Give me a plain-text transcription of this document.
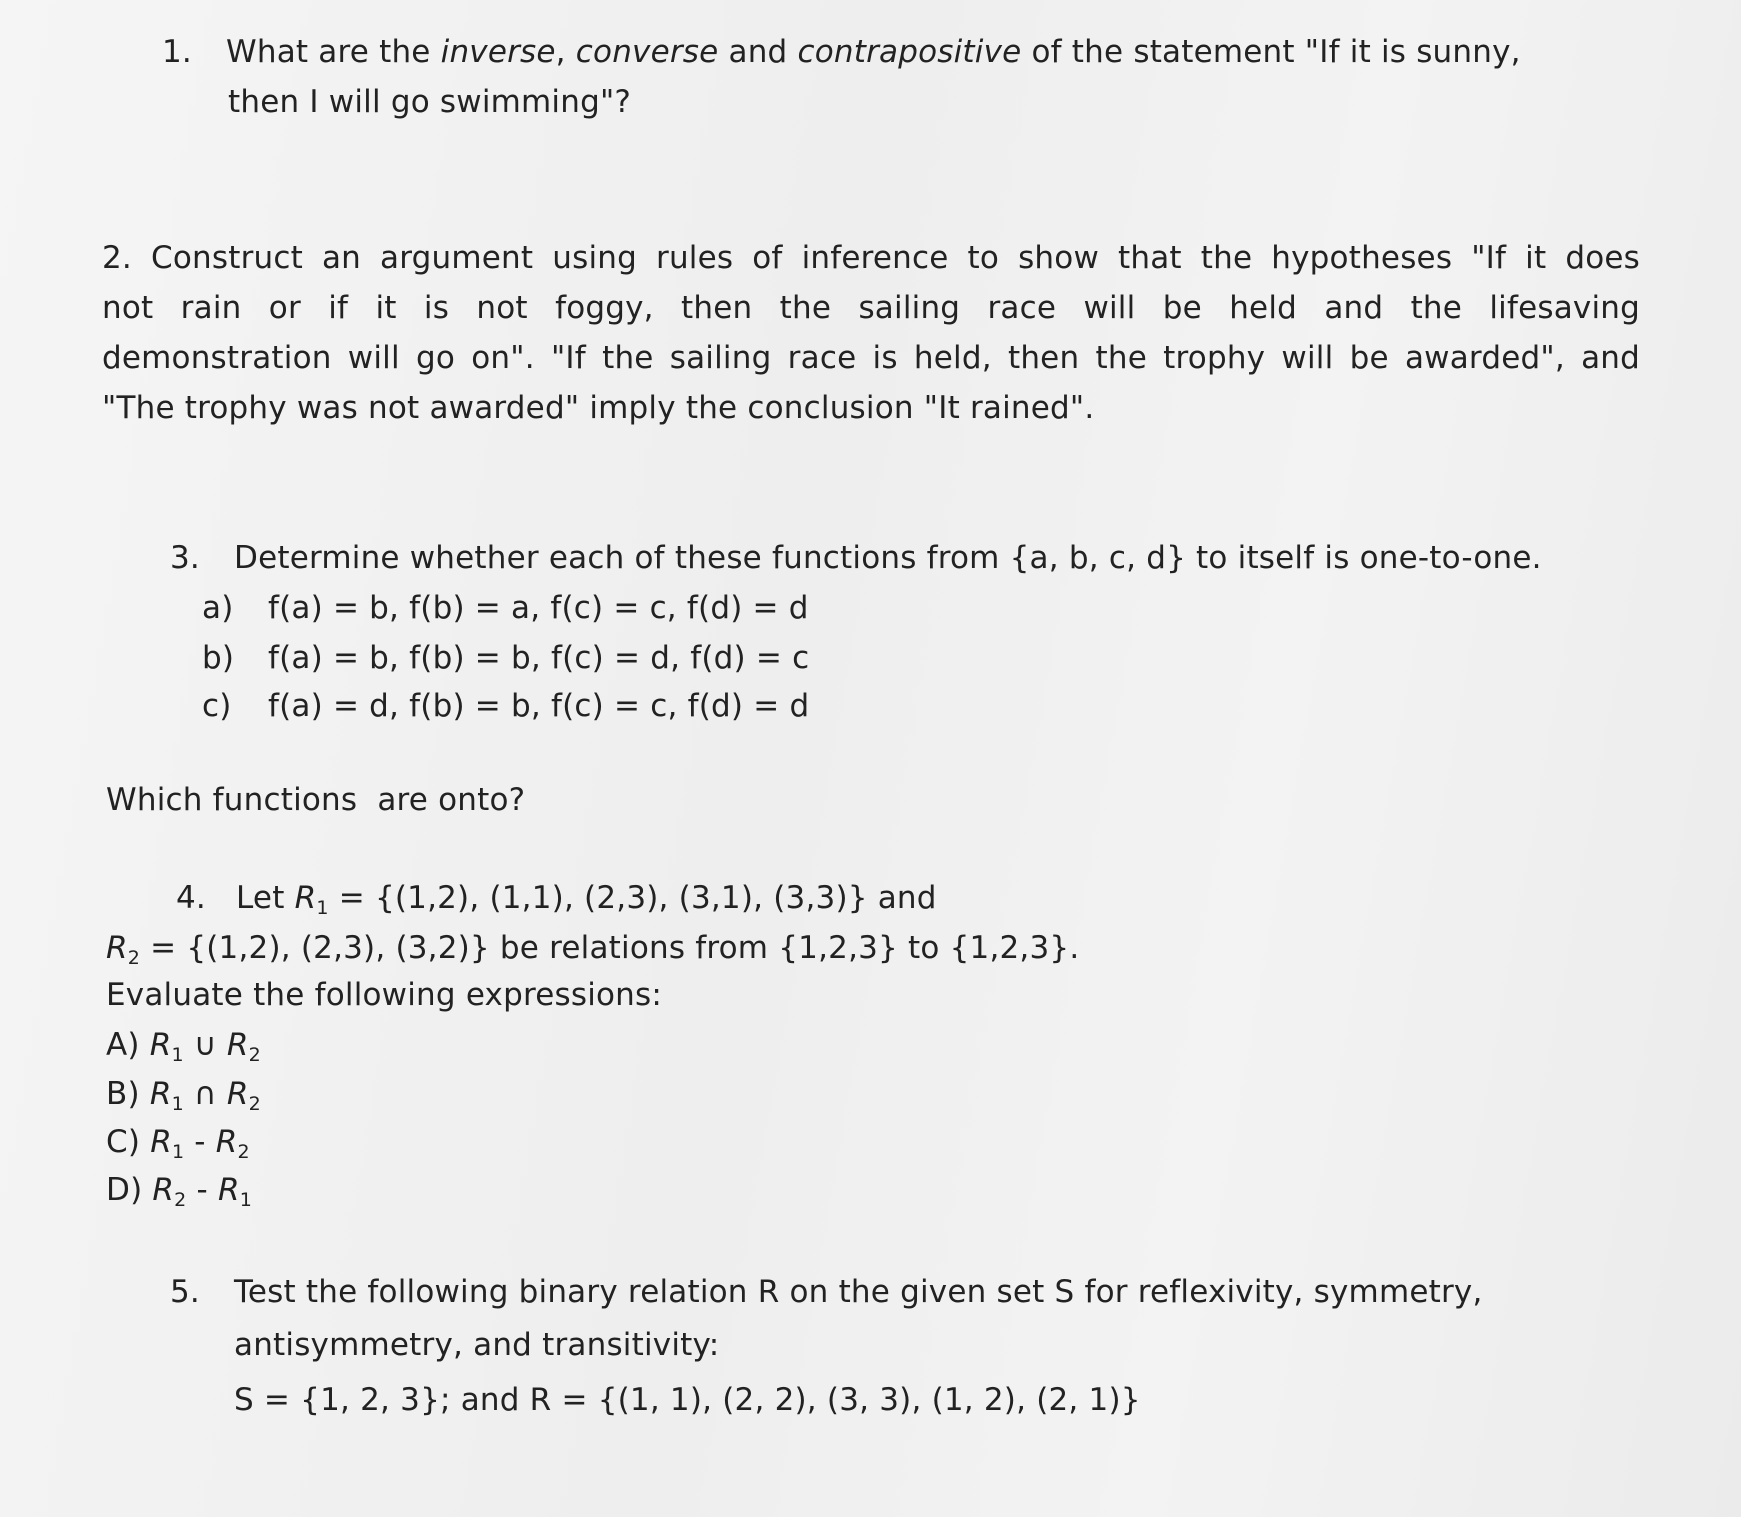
1. What are the inverse, converse and contrapositive of the statement "If it is sunny,
then I will go swimming"?
2. Construct an argument using rules of inference to show that the hypotheses "If it does
not rain or if it is not foggy, then the sailing race will be held and the lifesaving
demonstration will go on". "If the sailing race is held, then the trophy will be awarded", and
"The trophy was not awarded" imply the conclusion "It rained".
3. Determine whether each of these functions from {a, b, c, d} to itself is one-to-one.
a) f(a) = b, f(b) = a, f(c) = c, f(d) = d
b) f(a) = b, f(b) = b, f(c) = d, f(d) = c
c) f(a) = d, f(b) = b, f(c) = c, f(d) = d
Which functions  are onto?
4. Let $R_1 = \{(1,2)$, (1,1), (2,3), (3,1), (3,3)} and
$R_2 = \{(1,2)$, (2,3), (3,2)} be relations from {1,2,3} to {1,2,3}.
Evaluate the following expressions:
A) $R_1$ ∪ $R_2$
B) $R_1$ ∩ $R_2$
C) $R_1 - R_2$
D) $R_2 - R_1$
5. Test the following binary relation R on the given set S for reflexivity, symmetry,
antisymmetry, and transitivity:
S = {1, 2, 3}; and R = {(1, 1), (2, 2), (3, 3), (1, 2), (2, 1)}
